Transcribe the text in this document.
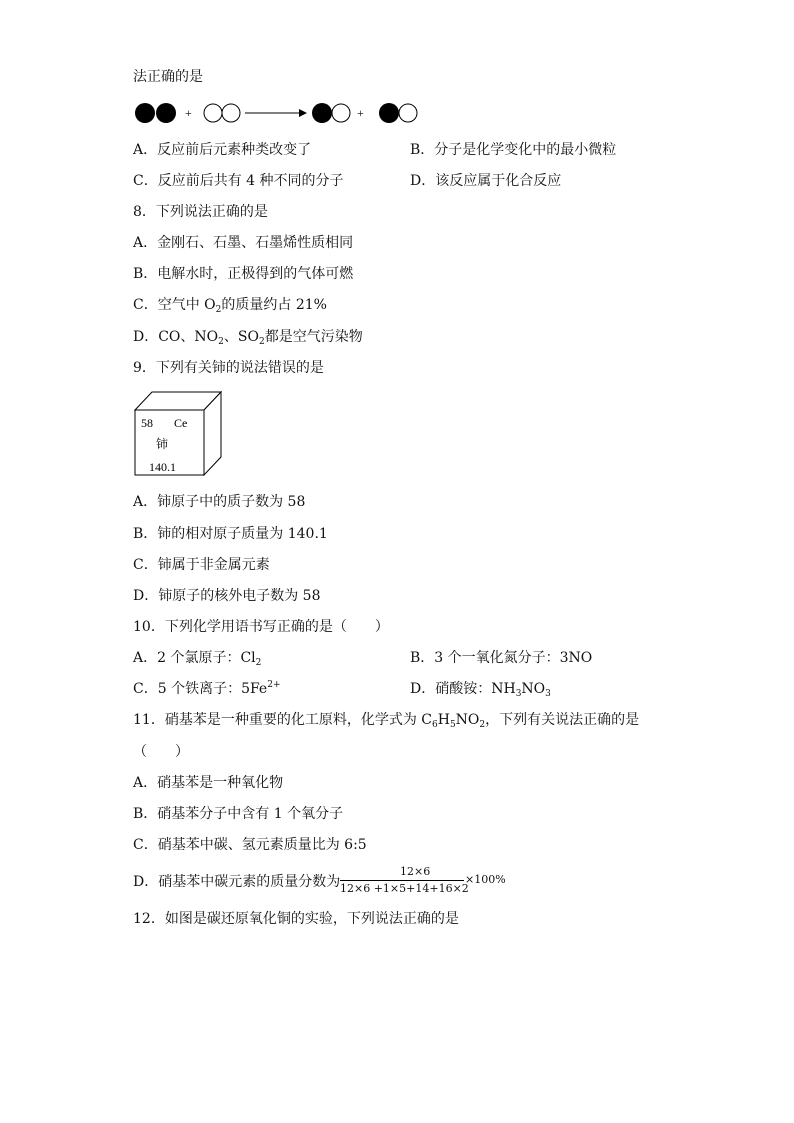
法正确的是
+	+
A．反应前后元素种类改变了	B．分子是化学变化中的最小微粒
C．反应前后共有 4 种不同的分子	D．该反应属于化合反应
8．下列说法正确的是
A．金刚石、石墨、石墨烯性质相同
B．电解水时，正极得到的气体可燃
C．空气中 $O_2$的质量约占 21%
D．CO、$NO_2$、$SO_2$都是空气污染物
9．下列有关铈的说法错误的是
58 Ce
铈
140.1
A．铈原子中的质子数为 58
B．铈的相对原子质量为 140.1
C．铈属于非金属元素
D．铈原子的核外电子数为 58
10．下列化学用语书写正确的是（　　）
A．2 个氯原子：$Cl_2$	B．3 个一氧化氮分子：3NO
C．5 个铁离子：$5Fe^{2+}$	D．硝酸铵：$NH_3NO_3$
11．硝基苯是一种重要的化工原料，化学式为 $C_6H_5NO_2$，下列有关说法正确的是
（　　）
A．硝基苯是一种氧化物
B．硝基苯分子中含有 1 个氧分子
C．硝基苯中碳、氢元素质量比为 6:5
D．硝基苯中碳元素的质量分数为
12×6
12×6 +1×5+14+16×2
×100%
12．如图是碳还原氧化铜的实验，下列说法正确的是
